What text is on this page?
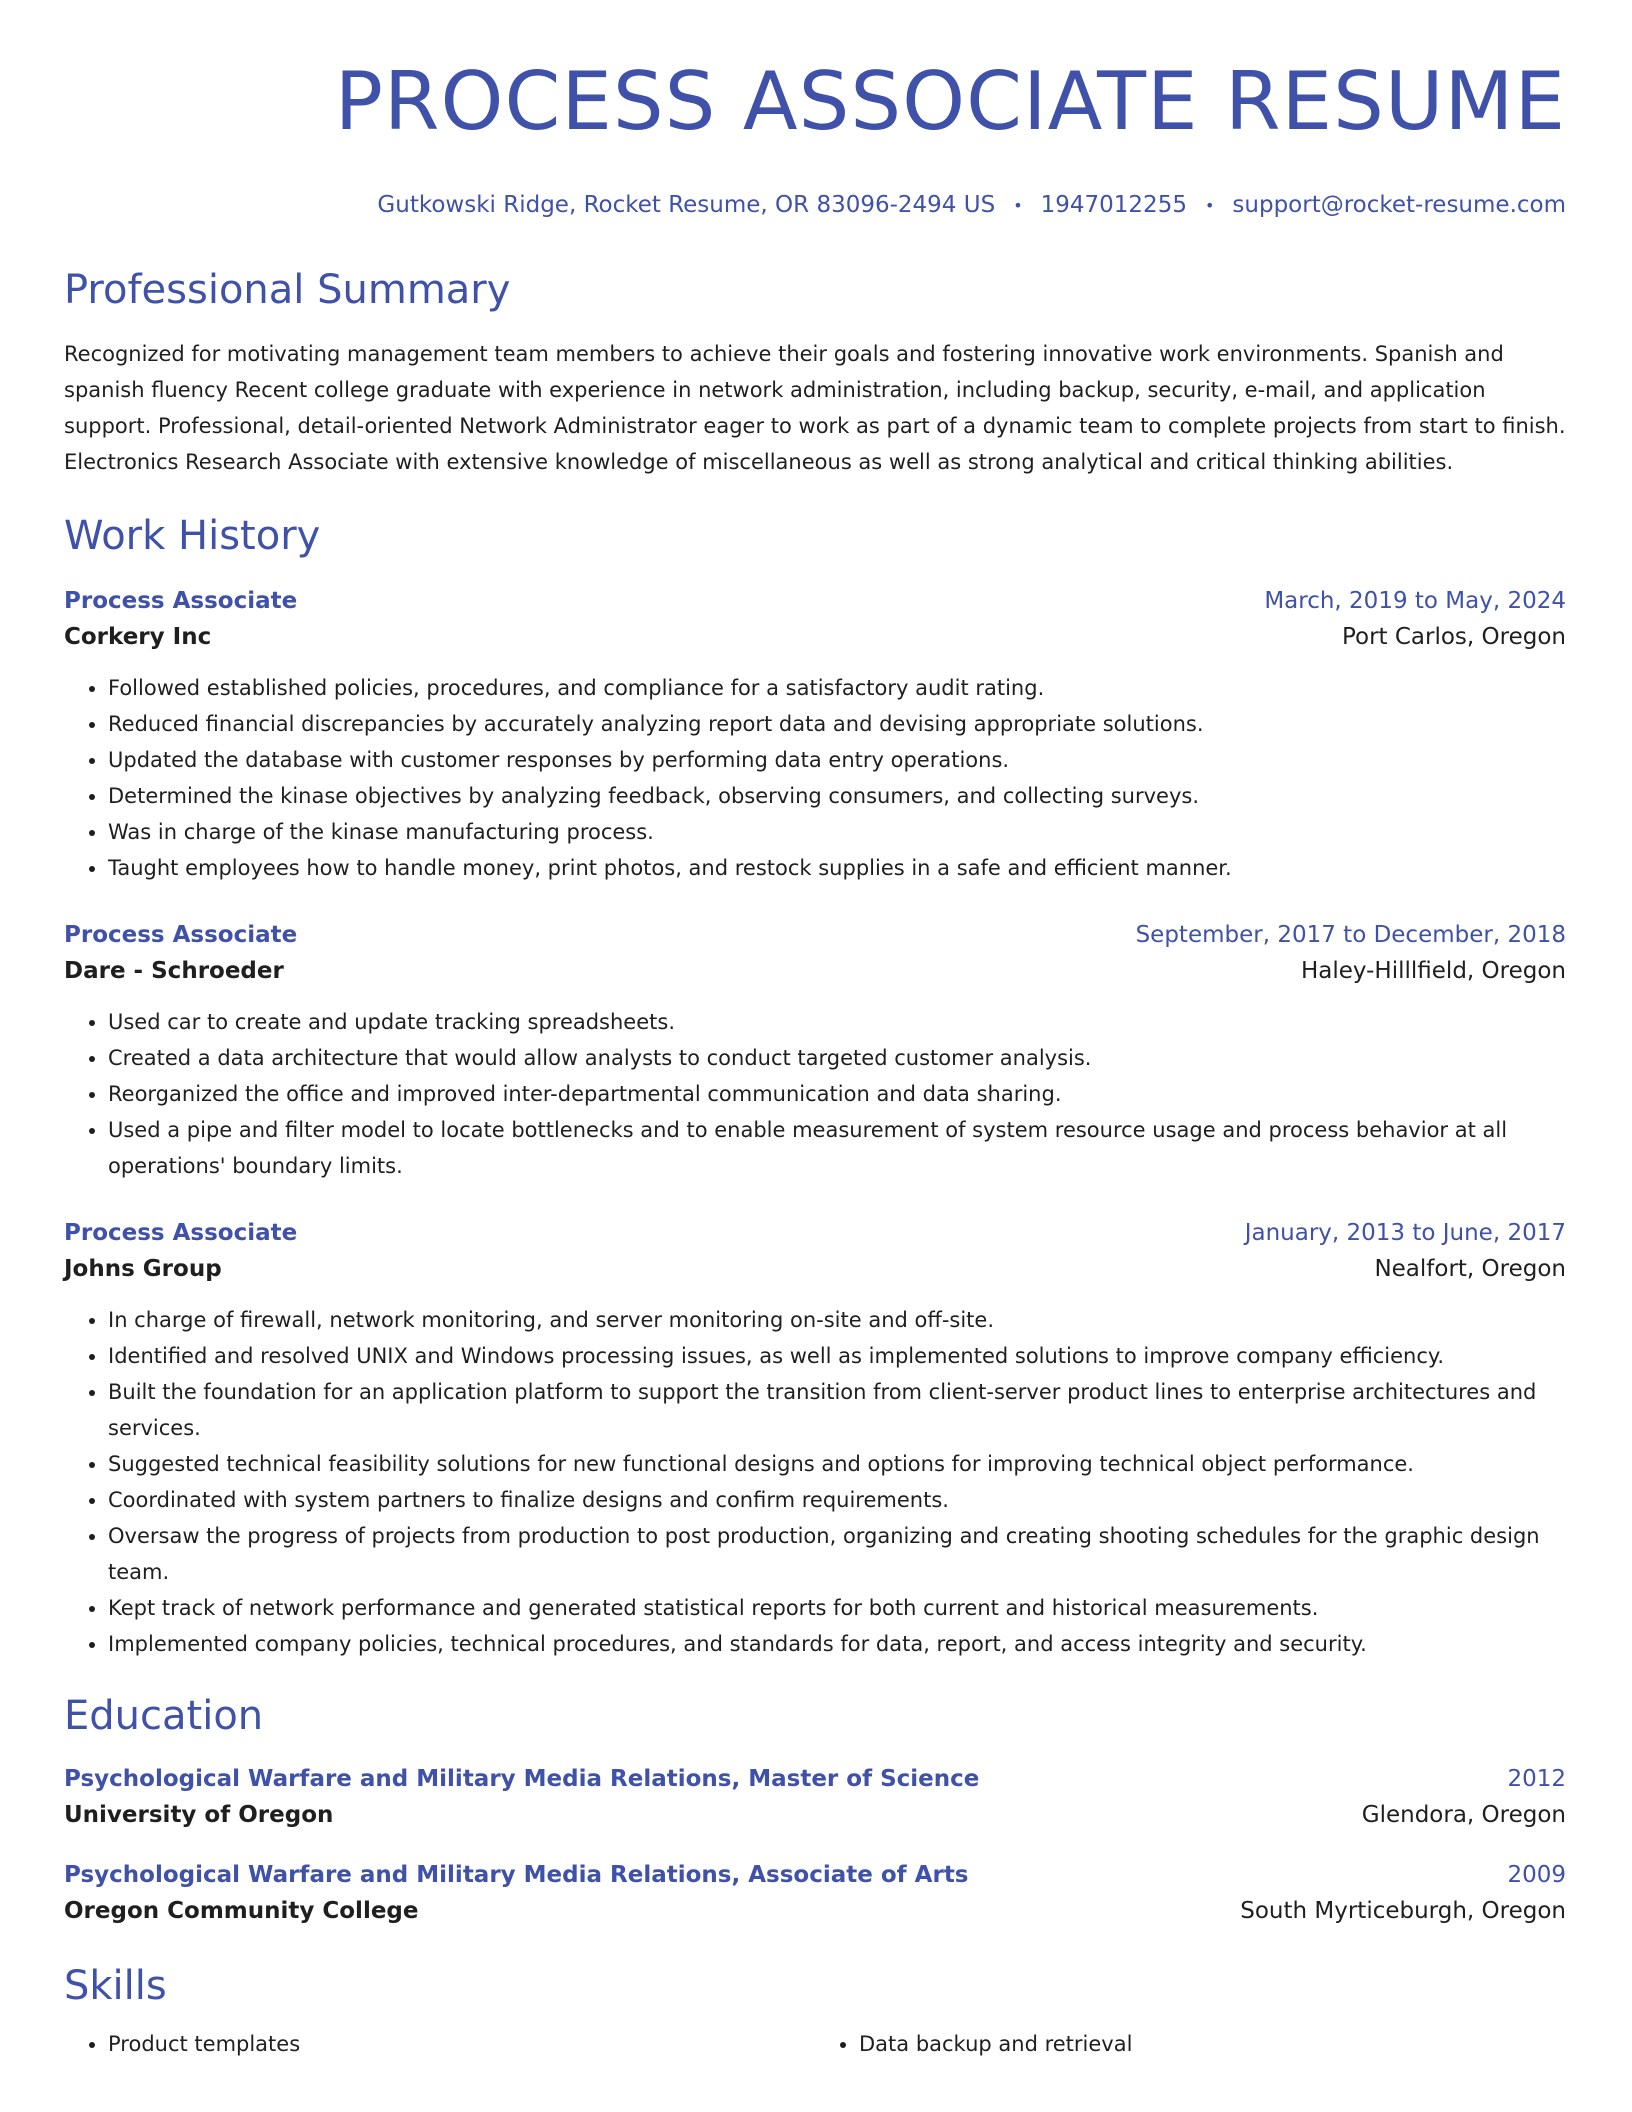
PROCESS ASSOCIATE RESUME
Gutkowski Ridge, Rocket Resume, OR 83096-2494 US • 1947012255 • support@rocket-resume.com
Professional Summary

Recognized for motivating management team members to achieve their goals and fostering innovative work environments. Spanish and spanish fluency Recent college graduate with experience in network administration, including backup, security, e-mail, and application support. Professional, detail-oriented Network Administrator eager to work as part of a dynamic team to complete projects from start to finish. Electronics Research Associate with extensive knowledge of miscellaneous as well as strong analytical and critical thinking abilities.

Work History
Process Associate	March, 2019 to May, 2024
Corkery Inc	Port Carlos, Oregon
• Followed established policies, procedures, and compliance for a satisfactory audit rating.
• Reduced financial discrepancies by accurately analyzing report data and devising appropriate solutions.
• Updated the database with customer responses by performing data entry operations.
• Determined the kinase objectives by analyzing feedback, observing consumers, and collecting surveys.
• Was in charge of the kinase manufacturing process.
• Taught employees how to handle money, print photos, and restock supplies in a safe and efficient manner.
Process Associate	September, 2017 to December, 2018
Dare - Schroeder	Haley-Hilllfield, Oregon
• Used car to create and update tracking spreadsheets.
• Created a data architecture that would allow analysts to conduct targeted customer analysis.
• Reorganized the office and improved inter-departmental communication and data sharing.
• Used a pipe and filter model to locate bottlenecks and to enable measurement of system resource usage and process behavior at all operations' boundary limits.
Process Associate	January, 2013 to June, 2017
Johns Group	Nealfort, Oregon
• In charge of firewall, network monitoring, and server monitoring on-site and off-site.
• Identified and resolved UNIX and Windows processing issues, as well as implemented solutions to improve company efficiency.
• Built the foundation for an application platform to support the transition from client-server product lines to enterprise architectures and services.
• Suggested technical feasibility solutions for new functional designs and options for improving technical object performance.
• Coordinated with system partners to finalize designs and confirm requirements.
• Oversaw the progress of projects from production to post production, organizing and creating shooting schedules for the graphic design team.
• Kept track of network performance and generated statistical reports for both current and historical measurements.
• Implemented company policies, technical procedures, and standards for data, report, and access integrity and security.
Education
Psychological Warfare and Military Media Relations, Master of Science	2012
University of Oregon	Glendora, Oregon
Psychological Warfare and Military Media Relations, Associate of Arts	2009
Oregon Community College	South Myrticeburgh, Oregon
Skills
• Product templates
•	Data backup and retrieval
